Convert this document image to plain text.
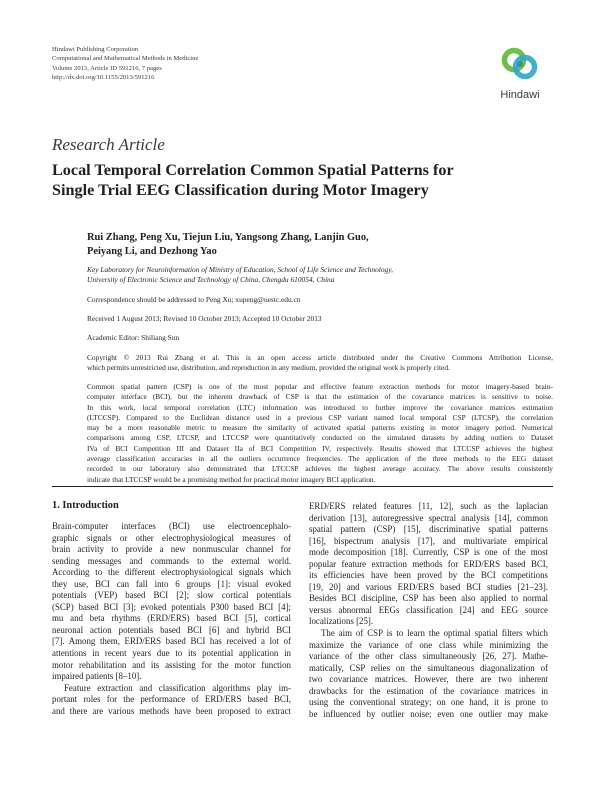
Hindawi Publishing Corporation
Computational and Mathematical Methods in Medicine
Volume 2013, Article ID 591216, 7 pages
http://dx.doi.org/10.1155/2013/591216
Hindawi
Research Article
Local Temporal Correlation Common Spatial Patterns for
Single Trial EEG Classification during Motor Imagery
Rui Zhang, Peng Xu, Tiejun Liu, Yangsong Zhang, Lanjin Guo,
Peiyang Li, and Dezhong Yao
Key Laboratory for Neuroinformation of Ministry of Education, School of Life Science and Technology,
University of Electronic Science and Technology of China, Chengdu 610054, China
Correspondence should be addressed to Peng Xu; xupeng@uestc.edu.cn
Received 1 August 2013; Revised 10 October 2013; Accepted 10 October 2013
Academic Editor: Shiliang Sun
Copyright © 2013 Rui Zhang et al. This is an open access article distributed under the Creative Commons Attribution License,
which permits unrestricted use, distribution, and reproduction in any medium, provided the original work is properly cited.
Common spatial pattern (CSP) is one of the most popular and effective feature extraction methods for motor imagery-based brain-
computer interface (BCI), but the inherent drawback of CSP is that the estimation of the covariance matrices is sensitive to noise.
In this work, local temporal correlation (LTC) information was introduced to further improve the covariance matrices estimation
(LTCCSP). Compared to the Euclidean distance used in a previous CSP variant named local temporal CSP (LTCSP), the correlation
may be a more reasonable metric to measure the similarity of activated spatial patterns existing in motor imagery period. Numerical
comparisons among CSP, LTCSP, and LTCCSP were quantitatively conducted on the simulated datasets by adding outliers to Dataset
IVa of BCI Competition III and Dataset IIa of BCI Competition IV, respectively. Results showed that LTCCSP achieves the highest
average classification accuracies in all the outliers occurrence frequencies. The application of the three methods to the EEG dataset
recorded in our laboratory also demonstrated that LTCCSP achieves the highest average accuracy. The above results consistently
indicate that LTCCSP would be a promising method for practical motor imagery BCI application.
1. Introduction
Brain-computer interfaces (BCI) use electroencephalo-
graphic signals or other electrophysiological measures of
brain activity to provide a new nonmuscular channel for
sending messages and commands to the external world.
According to the different electrophysiological signals which
they use, BCI can fall into 6 groups [1]: visual evoked
potentials (VEP) based BCI [2]; slow cortical potentials
(SCP) based BCI [3]; evoked potentials P300 based BCI [4];
mu and beta rhythms (ERD/ERS) based BCI [5], cortical
neuronal action potentials based BCI [6] and hybrid BCI
[7]. Among them, ERD/ERS based BCI has received a lot of
attentions in recent years due to its potential application in
motor rehabilitation and its assisting for the motor function
impaired patients [8–10].
Feature extraction and classification algorithms play im-
portant roles for the performance of ERD/ERS based BCI,
and there are various methods have been proposed to extract
ERD/ERS related features [11, 12], such as the laplacian
derivation [13], autoregressive spectral analysis [14], common
spatial pattern (CSP) [15], discriminative spatial patterns
[16], bispectrum analysis [17], and multivariate empirical
mode decomposition [18]. Currently, CSP is one of the most
popular feature extraction methods for ERD/ERS based BCI,
its efficiencies have been proved by the BCI competitions
[19, 20] and various ERD/ERS based BCI studies [21–23].
Besides BCI discipline, CSP has been also applied to normal
versus abnormal EEGs classification [24] and EEG source
localizations [25].
The aim of CSP is to learn the optimal spatial filters which
maximize the variance of one class while minimizing the
variance of the other class simultaneously [26, 27]. Mathe-
matically, CSP relies on the simultaneous diagonalization of
two covariance matrices. However, there are two inherent
drawbacks for the estimation of the covariance matrices in
using the conventional strategy; on one hand, it is prone to
be influenced by outlier noise; even one outlier may make
